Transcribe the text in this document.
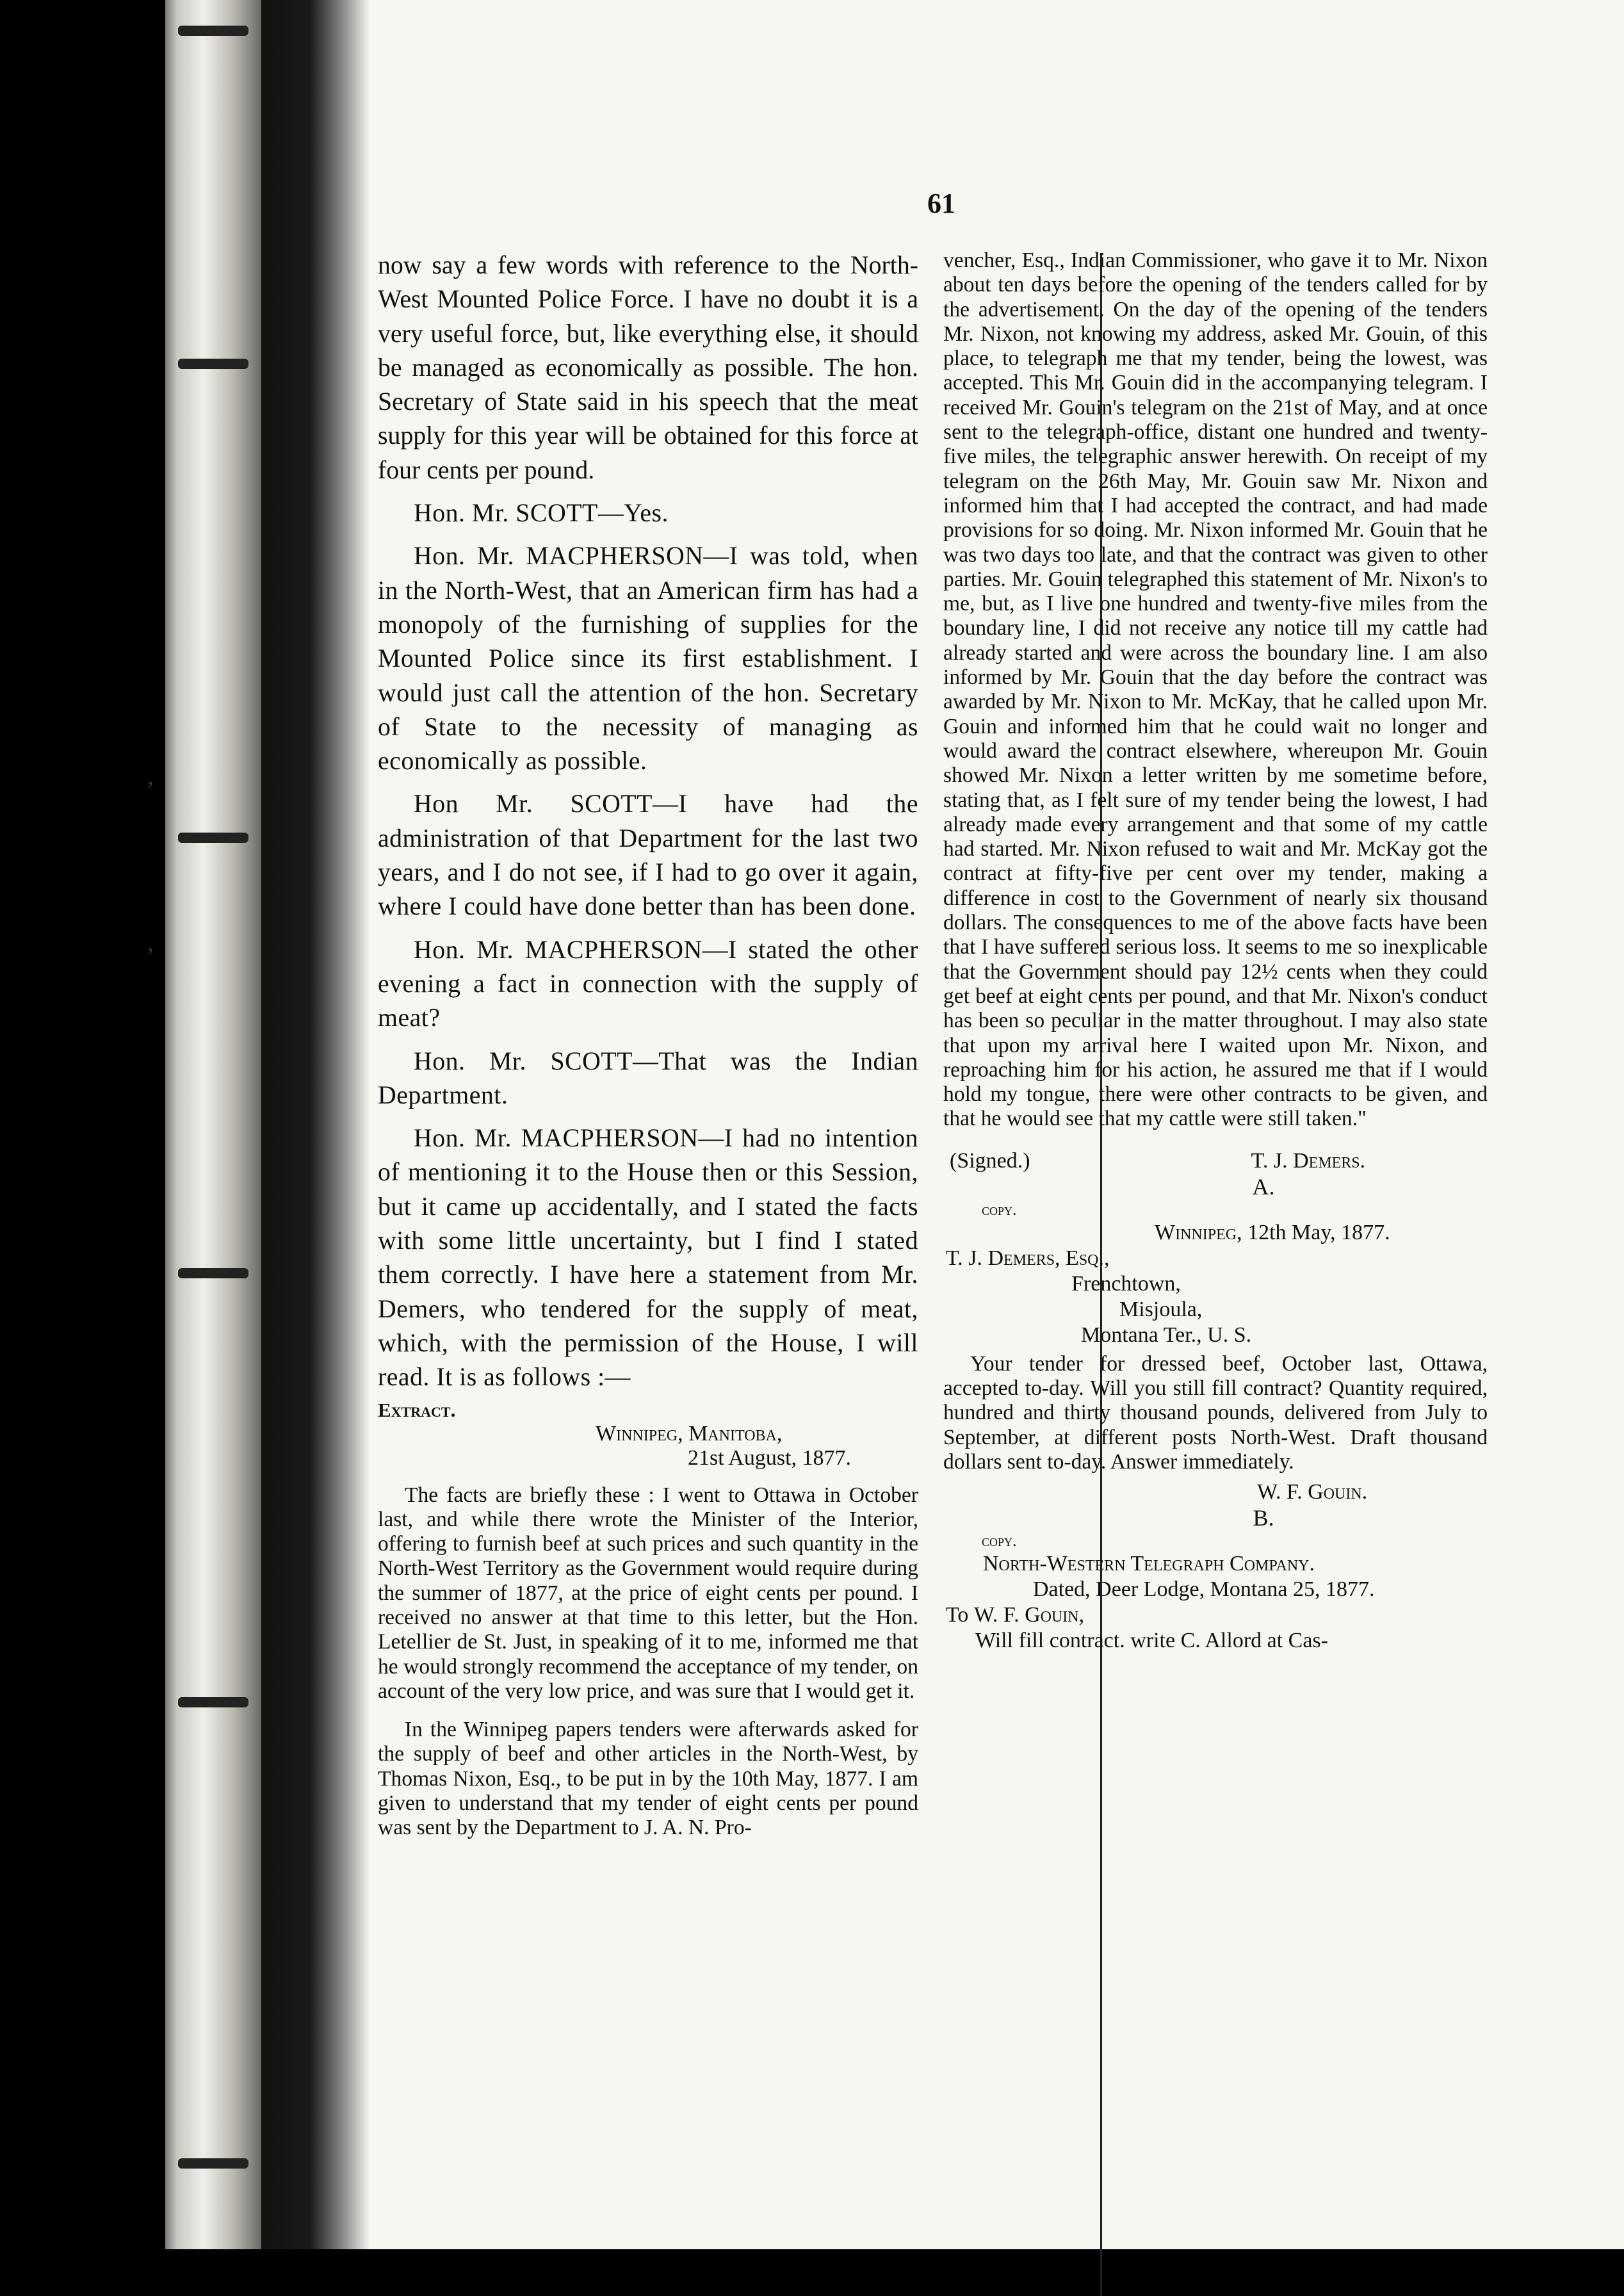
’
’
61

now say a few words with reference to the North-West Mounted Police Force. I have no doubt it is a very useful force, but, like everything else, it should be managed as economically as possible. The hon. Secretary of State said in his speech that the meat supply for this year will be obtained for this force at four cents per pound.

Hon. Mr. SCOTT—Yes.

Hon. Mr. MACPHERSON—I was told, when in the North-West, that an American firm has had a monopoly of the furnishing of supplies for the Mounted Police since its first establishment. I would just call the attention of the hon. Secretary of State to the necessity of managing as economically as possible.

Hon Mr. SCOTT—I have had the administration of that Department for the last two years, and I do not see, if I had to go over it again, where I could have done better than has been done.

Hon. Mr. MACPHERSON—I stated the other evening a fact in connection with the supply of meat?

Hon. Mr. SCOTT—That was the Indian Department.

Hon. Mr. MACPHERSON—I had no intention of mentioning it to the House then or this Session, but it came up accidentally, and I stated the facts with some little uncertainty, but I find I stated them correctly. I have here a statement from Mr. Demers, who tendered for the supply of meat, which, with the permission of the House, I will read. It is as follows :—

Extract.

Winnipeg, Manitoba,
21st August, 1877.

The facts are briefly these : I went to Ottawa in October last, and while there wrote the Minister of the Interior, offering to furnish beef at such prices and such quantity in the North-West Territory as the Government would require during the summer of 1877, at the price of eight cents per pound. I received no answer at that time to this letter, but the Hon. Letellier de St. Just, in speaking of it to me, informed me that he would strongly recommend the acceptance of my tender, on account of the very low price, and was sure that I would get it.

In the Winnipeg papers tenders were afterwards asked for the supply of beef and other articles in the North-West, by Thomas Nixon, Esq., to be put in by the 10th May, 1877. I am given to understand that my tender of eight cents per pound was sent by the Department to J. A. N. Pro-

vencher, Esq., Indian Commissioner, who gave it to Mr. Nixon about ten days before the opening of the tenders called for by the advertisement. On the day of the opening of the tenders Mr. Nixon, not knowing my address, asked Mr. Gouin, of this place, to telegraph me that my tender, being the lowest, was accepted. This Mr. Gouin did in the accompanying telegram. I received Mr. Gouin's telegram on the 21st of May, and at once sent to the telegraph-office, distant one hundred and twenty-five miles, the telegraphic answer herewith. On receipt of my telegram on the 26th May, Mr. Gouin saw Mr. Nixon and informed him that I had accepted the contract, and had made provisions for so doing. Mr. Nixon informed Mr. Gouin that he was two days too late, and that the contract was given to other parties. Mr. Gouin telegraphed this statement of Mr. Nixon's to me, but, as I live one hundred and twenty-five miles from the boundary line, I did not receive any notice till my cattle had already started and were across the boundary line. I am also informed by Mr. Gouin that the day before the contract was awarded by Mr. Nixon to Mr. McKay, that he called upon Mr. Gouin and informed him that he could wait no longer and would award the contract elsewhere, whereupon Mr. Gouin showed Mr. Nixon a letter written by me sometime before, stating that, as I felt sure of my tender being the lowest, I had already made every arrangement and that some of my cattle had started. Mr. Nixon refused to wait and Mr. McKay got the contract at fifty-five per cent over my tender, making a difference in cost to the Government of nearly six thousand dollars. The consequences to me of the above facts have been that I have suffered serious loss. It seems to me so inexplicable that the Government should pay 12½ cents when they could get beef at eight cents per pound, and that Mr. Nixon's conduct has been so peculiar in the matter throughout. I may also state that upon my arrival here I waited upon Mr. Nixon, and reproaching him for his action, he assured me that if I would hold my tongue, there were other contracts to be given, and that he would see that my cattle were still taken."

(Signed.)	T. J. Demers.
A.
copy.
Winnipeg, 12th May, 1877.
T. J. Demers, Esq.,
Frenchtown,
Misjoula,
Montana Ter., U. S.

Your tender for dressed beef, October last, Ottawa, accepted to-day. Will you still fill contract? Quantity required, hundred and thirty thousand pounds, delivered from July to September, at different posts North-West. Draft thousand dollars sent to-day. Answer immediately.

W. F. Gouin.
B.
copy.
North-Western Telegraph Company.
Dated, Deer Lodge, Montana 25, 1877.
To W. F. Gouin,
Will fill contract. write C. Allord at Cas-
